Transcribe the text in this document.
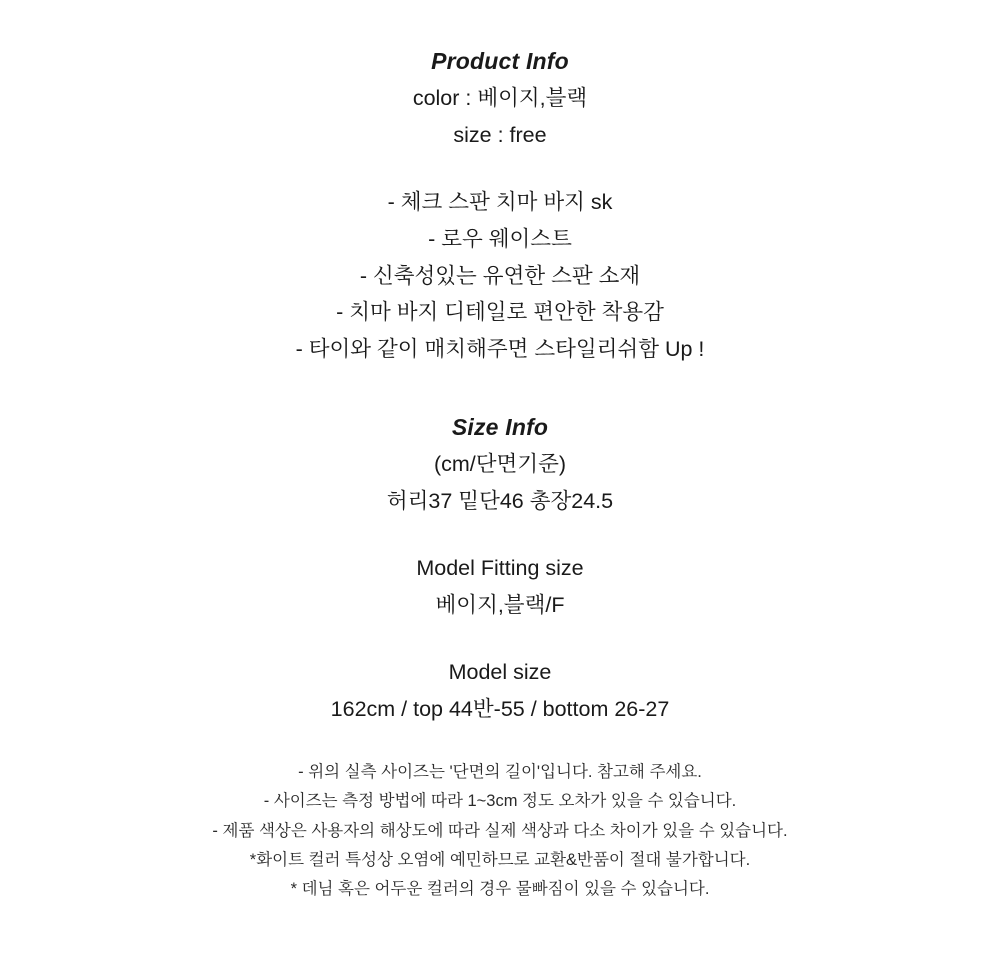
Product Info

color : 베이지,블랙

size : free

- 체크 스판 치마 바지 sk

- 로우 웨이스트

- 신축성있는 유연한 스판 소재

- 치마 바지 디테일로 편안한 착용감

- 타이와 같이 매치해주면 스타일리쉬함 Up !

Size Info

(cm/단면기준)

허리37 밑단46 총장24.5

Model Fitting size

베이지,블랙/F

Model size

162cm / top 44반-55 / bottom 26-27

- 위의 실측 사이즈는 '단면의 길이'입니다. 참고해 주세요.

- 사이즈는 측정 방법에 따라 1~3cm 정도 오차가 있을 수 있습니다.

- 제품 색상은 사용자의 해상도에 따라 실제 색상과 다소 차이가 있을 수 있습니다.

*화이트 컬러 특성상 오염에 예민하므로 교환&반품이 절대 불가합니다.

* 데님 혹은 어두운 컬러의 경우 물빠짐이 있을 수 있습니다.
